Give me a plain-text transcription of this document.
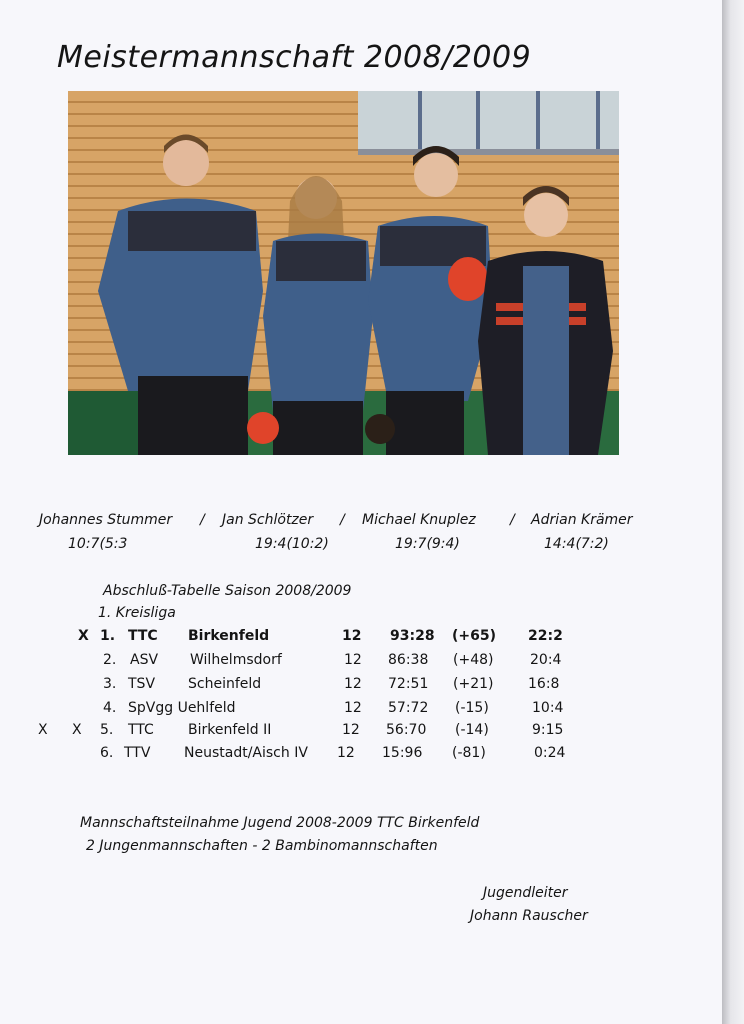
Meistermannschaft 2008/2009
Johannes Stummer / Jan Schlötzer / Michael Knuplez / Adrian Krämer
10:7(5:3	19:4(10:2)	19:7(9:4)	14:4(7:2)
Abschluß-Tabelle Saison 2008/2009
1. Kreisliga
X 1. TTC Birkenfeld	12 93:28 (+65) 22:2
2. ASV Wilhelmsdorf	12 86:38 (+48)	20:4
3. TSV Scheinfeld	12 72:51 (+21) 16:8
4. SpVgg Uehlfeld	12 57:72 (-15)	10:4
X X 5. TTC Birkenfeld II	12 56:70 (-14)	9:15
6. TTV Neustadt/Aisch IV 12 15:96 (-81)	0:24
Mannschaftsteilnahme Jugend 2008-2009 TTC Birkenfeld
2 Jungenmannschaften - 2 Bambinomannschaften
Jugendleiter
Johann Rauscher
